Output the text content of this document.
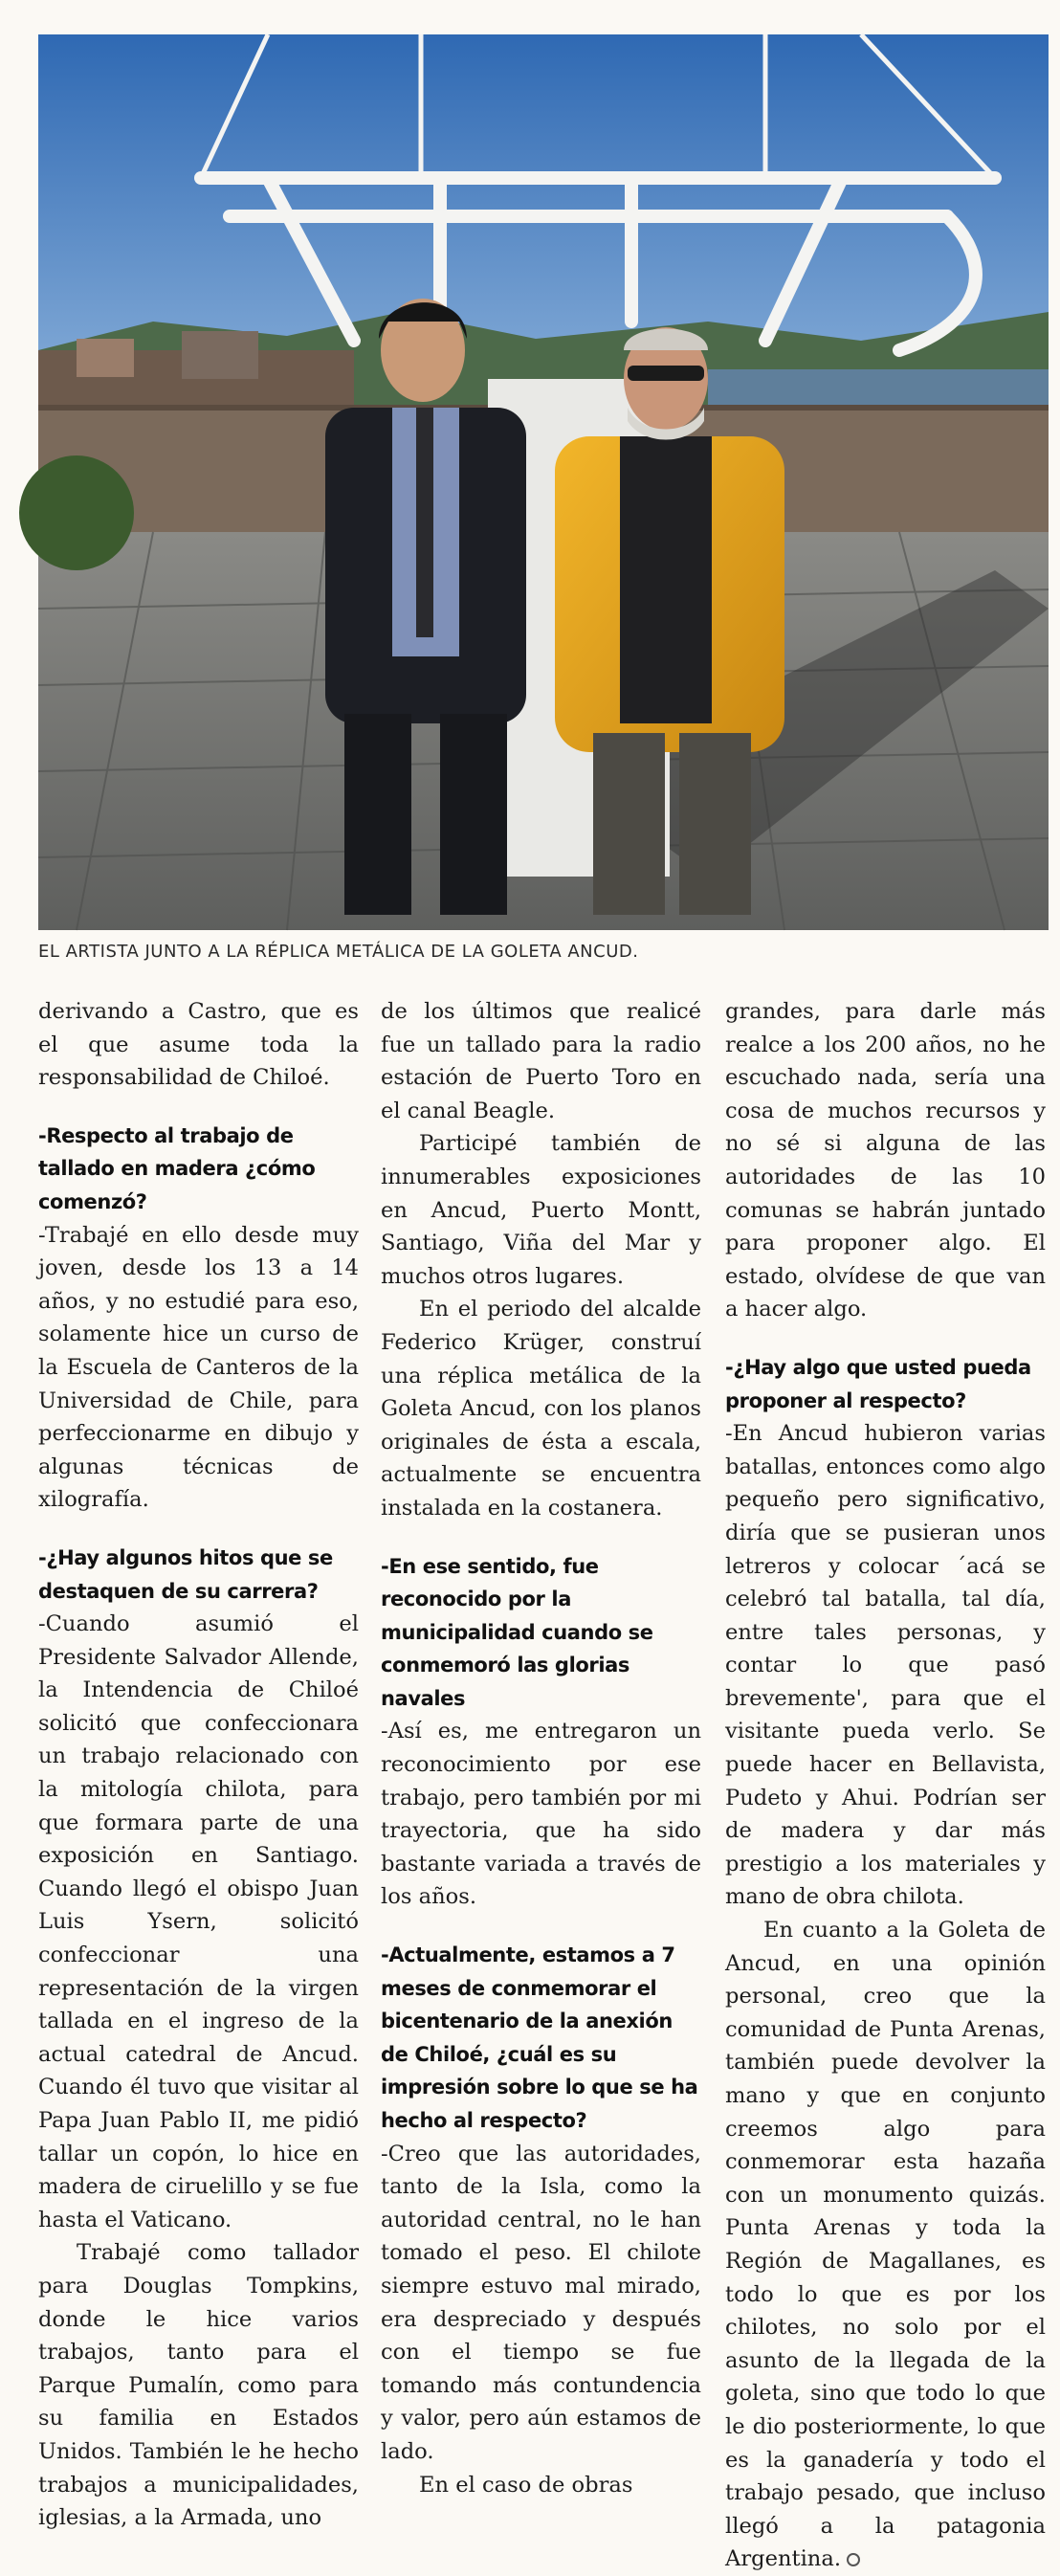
EL ARTISTA JUNTO A LA RÉPLICA METÁLICA DE LA GOLETA ANCUD.

derivando a Castro, que es el que asume toda la responsabilidad de Chiloé.

-Respecto al trabajo de tallado en madera ¿cómo comenzó?

-Trabajé en ello desde muy joven, desde los 13 a 14 años, y no estudié para eso, solamente hice un curso de la Escuela de Canteros de la Universidad de Chile, para perfeccionarme en dibujo y algunas técnicas de xilografía.

-¿Hay algunos hitos que se destaquen de su carrera?

-Cuando asumió el Presidente Salvador Allende, la Intendencia de Chiloé solicitó que confeccionara un trabajo relacionado con la mitología chilota, para que formara parte de una exposición en Santiago. Cuando llegó el obispo Juan Luis Ysern, solicitó confeccionar una representación de la virgen tallada en el ingreso de la actual catedral de Ancud. Cuando él tuvo que visitar al Papa Juan Pablo II, me pidió tallar un copón, lo hice en madera de ciruelillo y se fue hasta el Vaticano.

Trabajé como tallador para Douglas Tompkins, donde le hice varios trabajos, tanto para el Parque Pumalín, como para su familia en Estados Unidos. También le he hecho trabajos a municipalidades, iglesias, a la Armada, uno

de los últimos que realicé fue un tallado para la radio estación de Puerto Toro en el canal Beagle.

Participé también de innumerables exposiciones en Ancud, Puerto Montt, Santiago, Viña del Mar y muchos otros lugares.

En el periodo del alcalde Federico Krüger, construí una réplica metálica de la Goleta Ancud, con los planos originales de ésta a escala, actualmente se encuentra instalada en la costanera.

-En ese sentido, fue reconocido por la municipalidad cuando se conmemoró las glorias navales

-Así es, me entregaron un reconocimiento por ese trabajo, pero también por mi trayectoria, que ha sido bastante variada a través de los años.

-Actualmente, estamos a 7 meses de conmemorar el bicentenario de la anexión de Chiloé, ¿cuál es su impresión sobre lo que se ha hecho al respecto?

-Creo que las autoridades, tanto de la Isla, como la autoridad central, no le han tomado el peso. El chilote siempre estuvo mal mirado, era despreciado y después con el tiempo se fue tomando más contundencia y valor, pero aún estamos de lado.

En el caso de obras

grandes, para darle más realce a los 200 años, no he escuchado nada, sería una cosa de muchos recursos y no sé si alguna de las autoridades de las 10 comunas se habrán juntado para proponer algo. El estado, olvídese de que van a hacer algo.

-¿Hay algo que usted pueda proponer al respecto?

-En Ancud hubieron varias batallas, entonces como algo pequeño pero significativo, diría que se pusieran unos letreros y colocar ´acá se celebró tal batalla, tal día, entre tales personas, y contar lo que pasó brevemente', para que el visitante pueda verlo. Se puede hacer en Bellavista, Pudeto y Ahui. Podrían ser de madera y dar más prestigio a los materiales y mano de obra chilota.

En cuanto a la Goleta de Ancud, en una opinión personal, creo que la comunidad de Punta Arenas, también puede devolver la mano y que en conjunto creemos algo para conmemorar esta hazaña con un monumento quizás. Punta Arenas y toda la Región de Magallanes, es todo lo que es por los chilotes, no solo por el asunto de la llegada de la goleta, sino que todo lo que le dio posteriormente, lo que es la ganadería y todo el trabajo pesado, que incluso llegó a la patagonia Argentina.
